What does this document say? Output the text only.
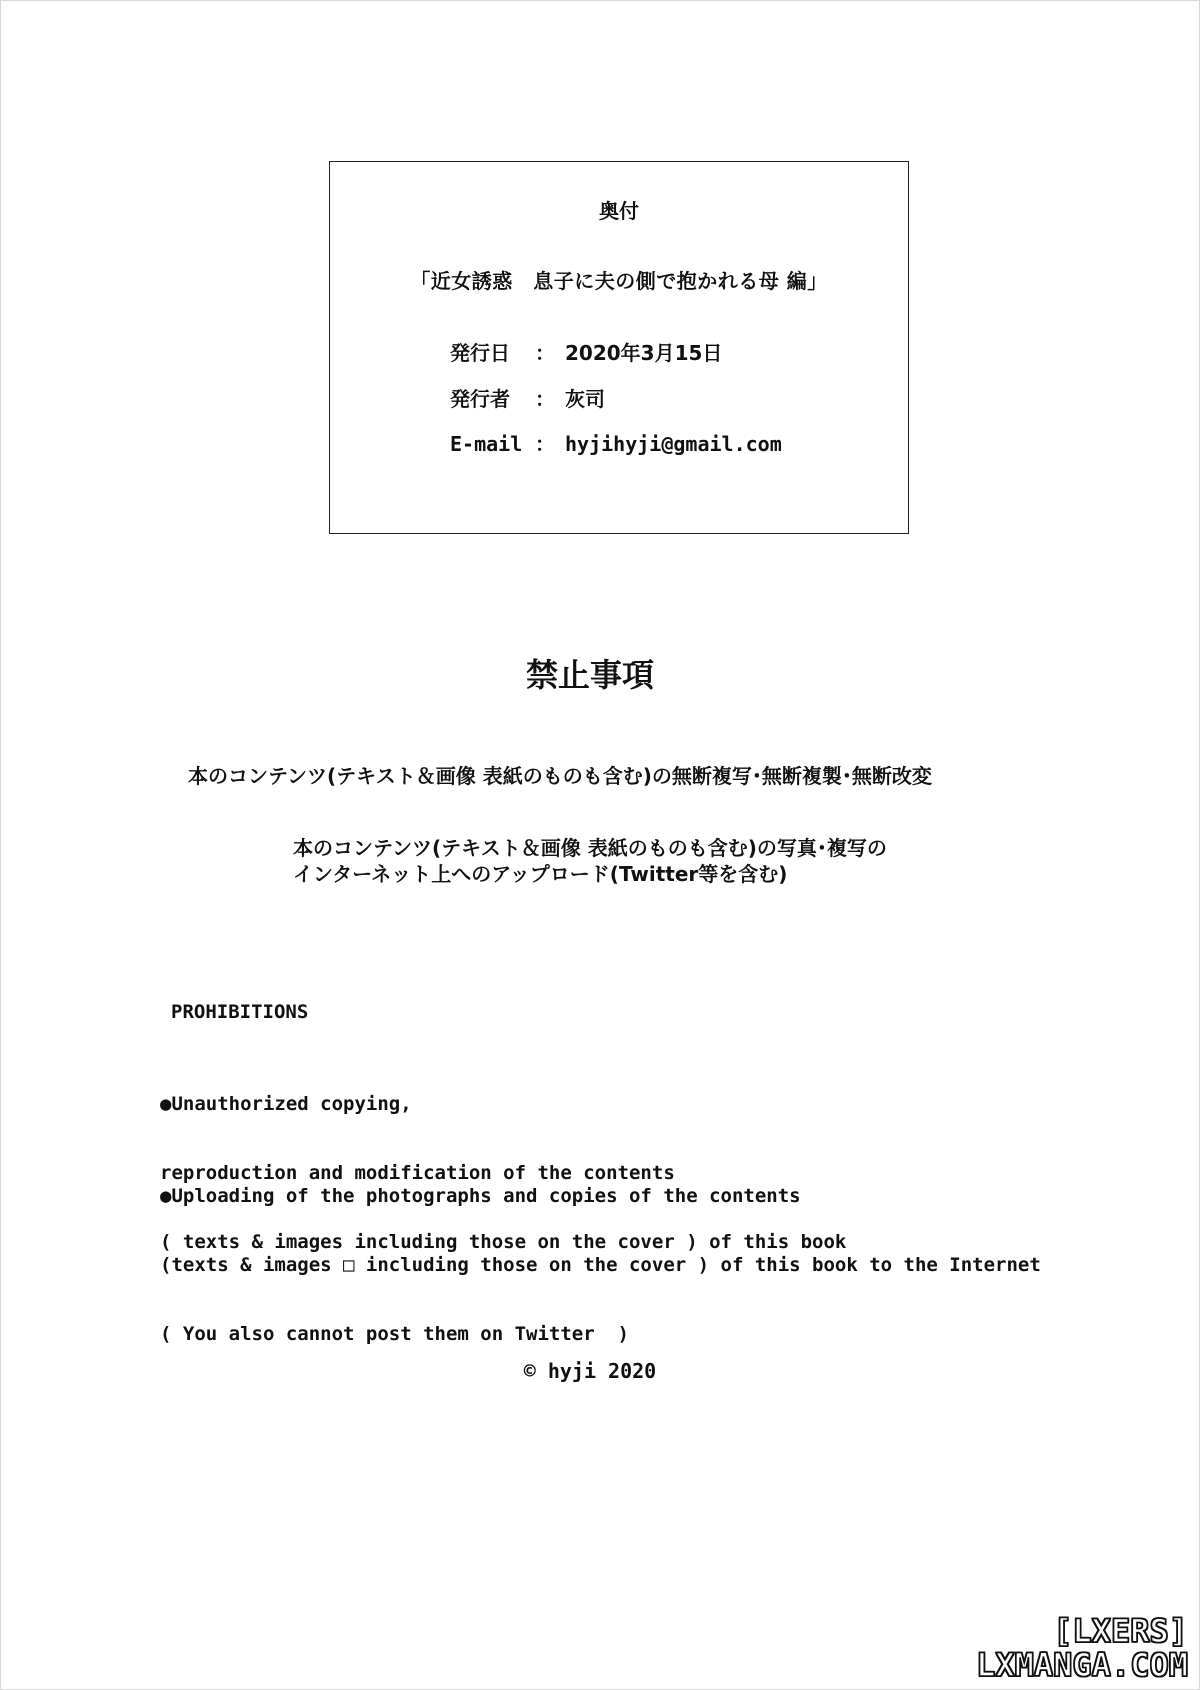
奥付
「近女誘惑　息子に夫の側で抱かれる母 編」
発行日 ： 2020年3月15日
発行者 ： 灰司
E-mail ： hyjihyji@gmail.com
禁止事項
本のコンテンツ(テキスト＆画像 表紙のものも含む)の無断複写･無断複製･無断改変
本のコンテンツ(テキスト＆画像 表紙のものも含む)の写真･複写の
インターネット上へのアップロード(Twitter等を含む)
PROHIBITIONS

●Unauthorized copying,

reproduction and modification of the contents

( texts & images including those on the cover ) of this book

●Uploading of the photographs and copies of the contents

(texts & images □ including those on the cover ) of this book to the Internet

( You also cannot post them on Twitter  )

© hyji 2020
[LXERS]
LXMANGA.COM
